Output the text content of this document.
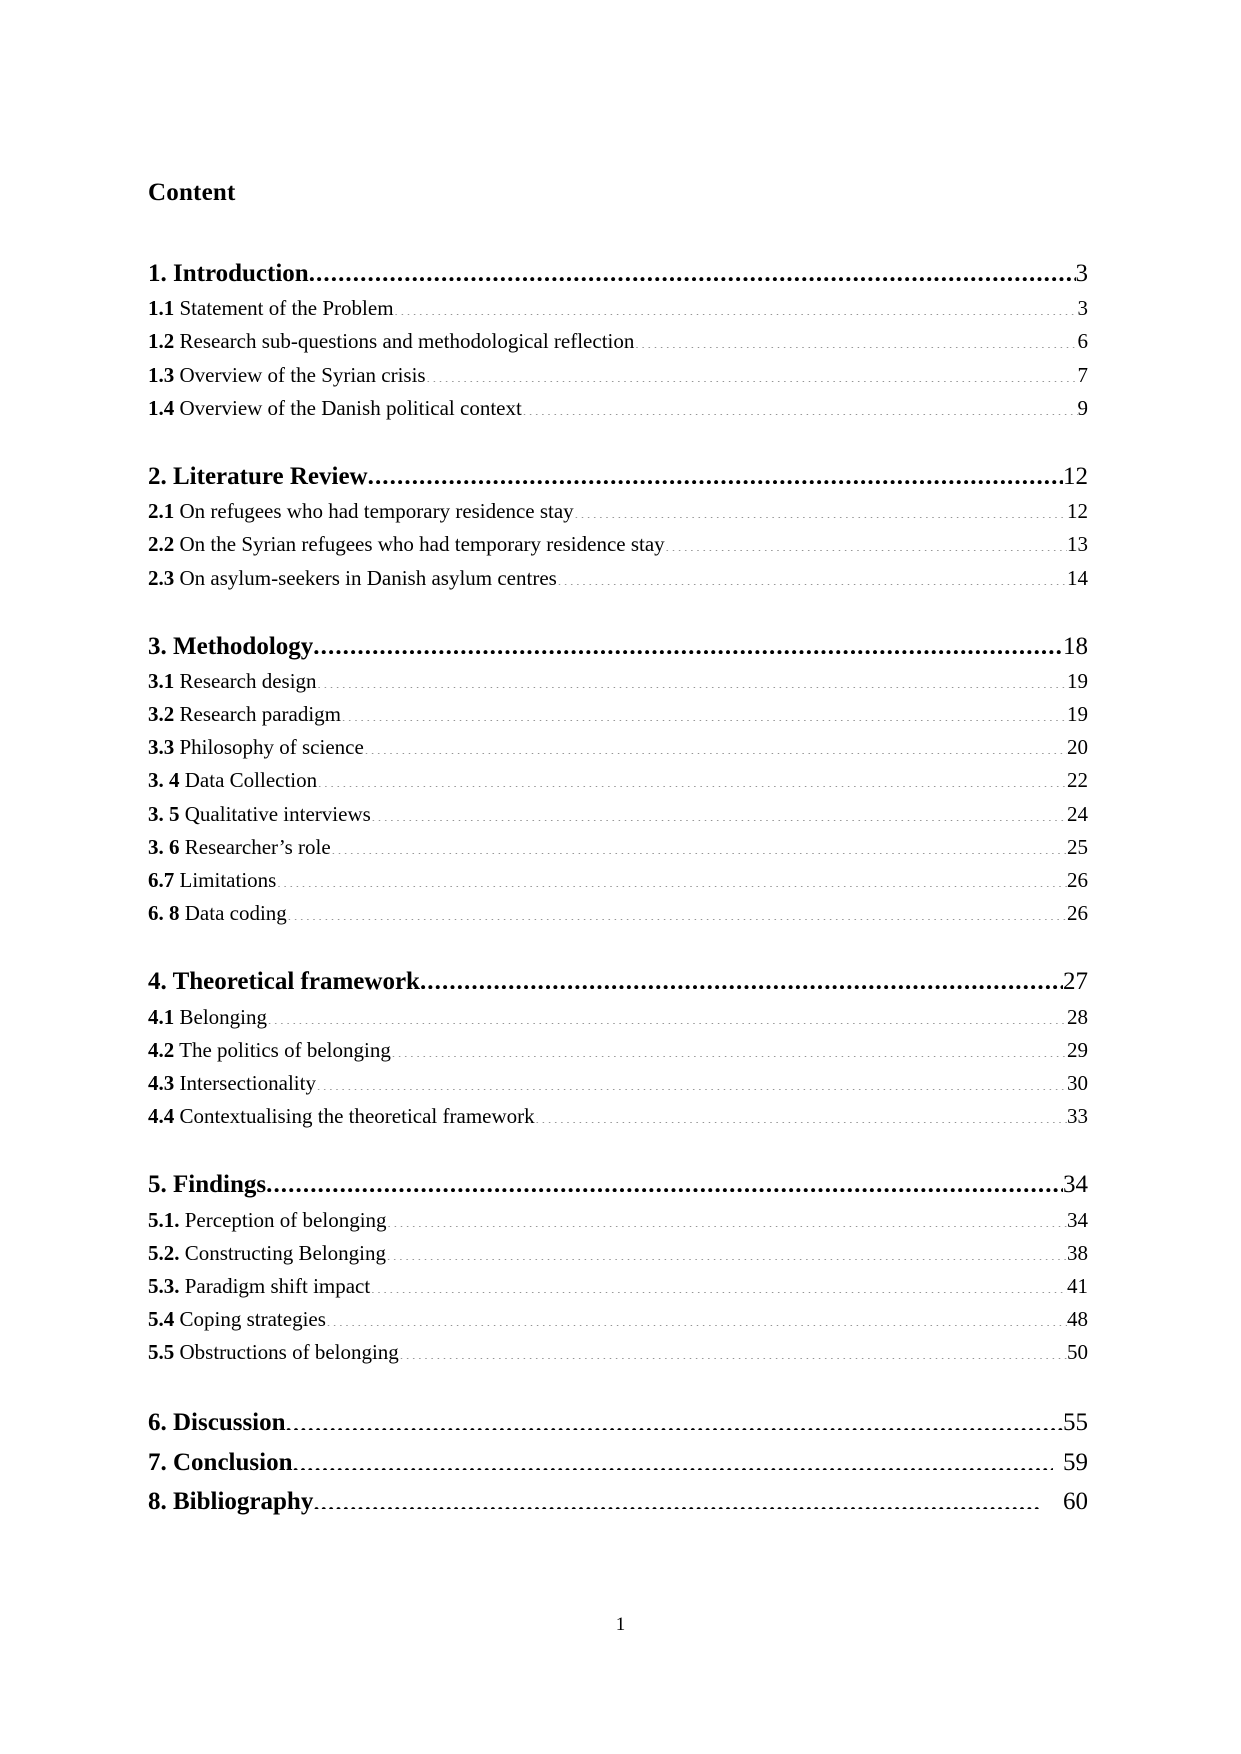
Content
1. Introduction .....	3
1.1 Statement of the Problem .....	3
1.2 Research sub-questions and methodological reflection .....	6
1.3 Overview of the Syrian crisis .....	7
1.4 Overview of the Danish political context .....	9
2. Literature Review .....	12
2.1 On refugees who had temporary residence stay .....	12
2.2 On the Syrian refugees who had temporary residence stay .....	13
2.3 On asylum-seekers in Danish asylum centres .....	14
3. Methodology .....	18
3.1 Research design .....	19
3.2 Research paradigm .....	19
3.3 Philosophy of science .....	20
3. 4 Data Collection .....	22
3. 5 Qualitative interviews .....	24
3. 6 Researcher’s role .....	25
6.7 Limitations .....	26
6. 8 Data coding .....	26
4. Theoretical framework .....	27
4.1 Belonging .....	28
4.2 The politics of belonging .....	29
4.3 Intersectionality .....	30
4.4 Contextualising the theoretical framework .....	33
5. Findings .....	34
5.1. Perception of belonging .....	34
5.2. Constructing Belonging .....	38
5.3. Paradigm shift impact .....	41
5.4 Coping strategies .....	48
5.5 Obstructions of belonging .....	50
6. Discussion .....	55
7. Conclusion .....	59
8. Bibliography .....	60
1
